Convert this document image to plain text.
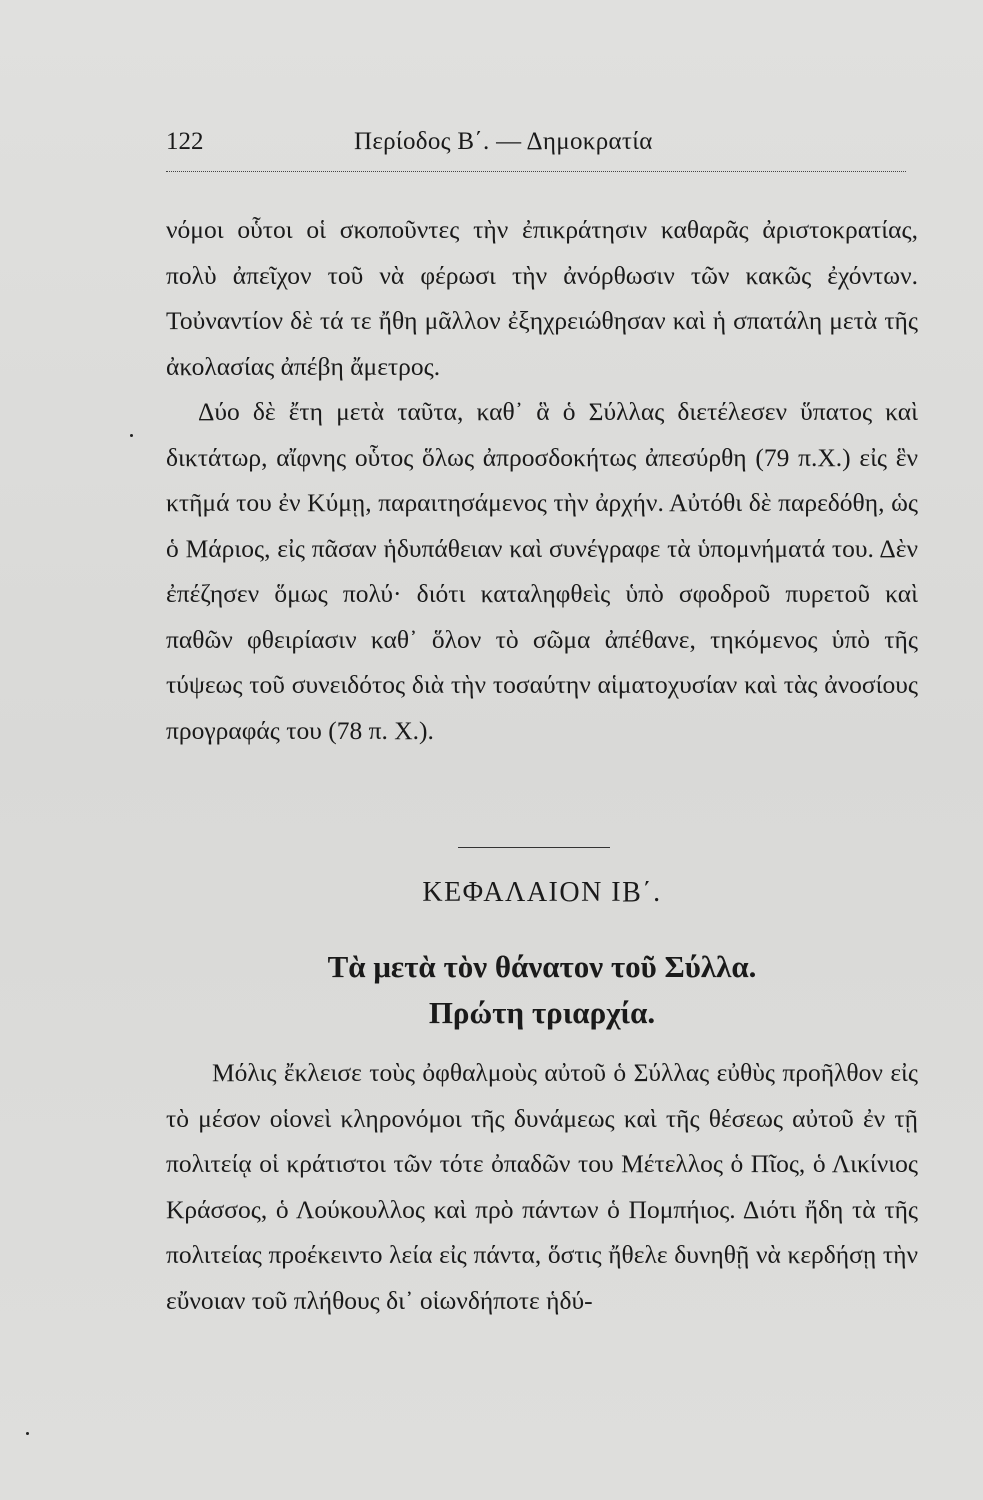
122	Περίοδος Β΄. — Δημοκρατία

νόμοι οὗτοι οἱ σκοποῦντες τὴν ἐπικράτησιν καθαρᾶς ἀριστοκρατίας, πολὺ ἀπεῖχον τοῦ νὰ φέρωσι τὴν ἀνόρθωσιν τῶν κακῶς ἐχόντων. Τοὐναντίον δὲ τά τε ἤθη μᾶλλον ἐξηχρειώθησαν καὶ ἡ σπατάλη μετὰ τῆς ἀκολασίας ἀπέβη ἄμετρος.

Δύο δὲ ἔτη μετὰ ταῦτα, καθ᾽ ἃ ὁ Σύλλας διετέλεσεν ὕπατος καὶ δικτάτωρ, αἴφνης οὗτος ὅλως ἀπροσδοκήτως ἀπεσύρθη (79 π.Χ.) εἰς ἓν κτῆμά του ἐν Κύμῃ, παραιτησάμενος τὴν ἀρχήν. Αὐτόθι δὲ παρεδόθη, ὡς ὁ Μάριος, εἰς πᾶσαν ἡδυπάθειαν καὶ συνέγραφε τὰ ὑπομνήματά του. Δὲν ἐπέζησεν ὅμως πολύ· διότι καταληφθεὶς ὑπὸ σφοδροῦ πυρετοῦ καὶ παθῶν φθειρίασιν καθ᾽ ὅλον τὸ σῶμα ἀπέθανε, τηκόμενος ὑπὸ τῆς τύψεως τοῦ συνειδότος διὰ τὴν τοσαύτην αἱματοχυσίαν καὶ τὰς ἀνοσίους προγραφάς του (78 π. Χ.).

ΚΕΦΑΛΑΙΟΝ ΙΒ΄.
Τὰ μετὰ τὸν θάνατον τοῦ Σύλλα.
Πρώτη τριαρχία.

Μόλις ἔκλεισε τοὺς ὀφθαλμοὺς αὐτοῦ ὁ Σύλλας εὐθὺς προῆλθον εἰς τὸ μέσον οἱονεὶ κληρονόμοι τῆς δυνάμεως καὶ τῆς θέσεως αὐτοῦ ἐν τῇ πολιτείᾳ οἱ κράτιστοι τῶν τότε ὀπαδῶν του Μέτελλος ὁ Πῖος, ὁ Λικίνιος Κράσσος, ὁ Λούκουλλος καὶ πρὸ πάντων ὁ Πομπήιος. Διότι ἤδη τὰ τῆς πολιτείας προέκειντο λεία εἰς πάντα, ὅστις ἤθελε δυνηθῇ νὰ κερδήσῃ τὴν εὔνοιαν τοῦ πλήθους δι᾽ οἱωνδήποτε ἡδύ-
